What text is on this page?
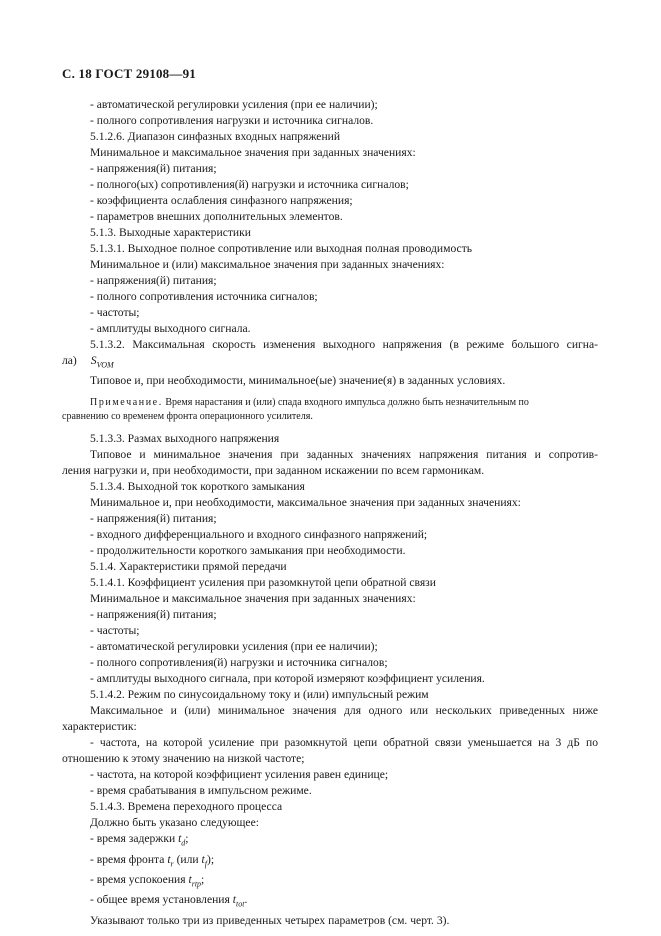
С. 18 ГОСТ 29108—91

- автоматической регулировки усиления (при ее наличии);

- полного сопротивления нагрузки и источника сигналов.

5.1.2.6. Диапазон синфазных входных напряжений

Минимальное и максимальное значения при заданных значениях:

- напряжения(й) питания;

- полного(ых) сопротивления(й) нагрузки и источника сигналов;

- коэффициента ослабления синфазного напряжения;

- параметров внешних дополнительных элементов.

5.1.3. Выходные характеристики

5.1.3.1. Выходное полное сопротивление или выходная полная проводимость

Минимальное и (или) максимальное значения при заданных значениях:

- напряжения(й) питания;

- полного сопротивления источника сигналов;

- частоты;

- амплитуды выходного сигнала.

5.1.3.2. Максимальная скорость изменения выходного напряжения (в режиме большого сигна-

ла) $S_{VOM}$

Типовое и, при необходимости, минимальное(ые) значение(я) в заданных условиях.

Примечание. Время нарастания и (или) спада входного импульса должно быть незначительным по
сравнению со временем фронта операционного усилителя.

5.1.3.3. Размах выходного напряжения

Типовое и минимальное значения при заданных значениях напряжения питания и сопротив-

ления нагрузки и, при необходимости, при заданном искажении по всем гармоникам.

5.1.3.4. Выходной ток короткого замыкания

Минимальное и, при необходимости, максимальное значения при заданных значениях:

- напряжения(й) питания;

- входного дифференциального и входного синфазного напряжений;

- продолжительности короткого замыкания при необходимости.

5.1.4. Характеристики прямой передачи

5.1.4.1. Коэффициент усиления при разомкнутой цепи обратной связи

Минимальное и максимальное значения при заданных значениях:

- напряжения(й) питания;

- частоты;

- автоматической регулировки усиления (при ее наличии);

- полного сопротивления(й) нагрузки и источника сигналов;

- амплитуды выходного сигнала, при которой измеряют коэффициент усиления.

5.1.4.2. Режим по синусоидальному току и (или) импульсный режим

Максимальное и (или) минимальное значения для одного или нескольких приведенных ниже

характеристик:

- частота, на которой усиление при разомкнутой цепи обратной связи уменьшается на 3 дБ по

отношению к этому значению на низкой частоте;

- частота, на которой коэффициент усиления равен единице;

- время срабатывания в импульсном режиме.

5.1.4.3. Времена переходного процесса

Должно быть указано следующее:

- время задержки $t_d$;

- время фронта $t_r$ (или $t_f$);

- время успокоения $t_{rtр}$;

- общее время установления $t_{tot}$.

Указывают только три из приведенных четырех параметров (см. черт. 3).
